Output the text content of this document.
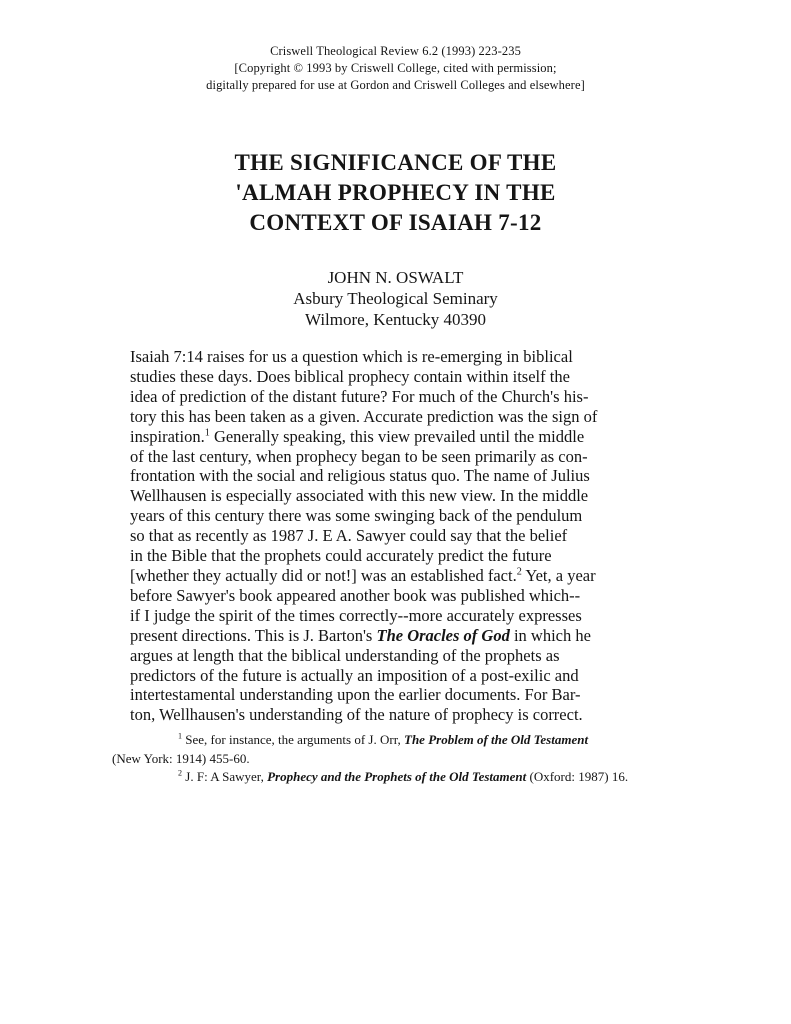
Criswell Theological Review 6.2 (1993) 223-235
[Copyright © 1993 by Criswell College, cited with permission;
digitally prepared for use at Gordon and Criswell Colleges and elsewhere]
THE SIGNIFICANCE OF THE
'ALMAH PROPHECY IN THE
CONTEXT OF ISAIAH 7-12
JOHN N. OSWALT
Asbury Theological Seminary
Wilmore, Kentucky 40390
Isaiah 7:14 raises for us a question which is re-emerging in biblical
studies these days. Does biblical prophecy contain within itself the
idea of prediction of the distant future? For much of the Church's his-
tory this has been taken as a given. Accurate prediction was the sign of
inspiration.$^1$ Generally speaking, this view prevailed until the middle
of the last century, when prophecy began to be seen primarily as con-
frontation with the social and religious status quo. The name of Julius
Wellhausen is especially associated with this new view. In the middle
years of this century there was some swinging back of the pendulum
so that as recently as 1987 J. E A. Sawyer could say that the belief
in the Bible that the prophets could accurately predict the future
[whether they actually did or not!] was an established fact.$^2$ Yet, a year
before Sawyer's book appeared another book was published which--
if I judge the spirit of the times correctly--more accurately expresses
present directions. This is J. Barton's The Oracles of God in which he
argues at length that the biblical understanding of the prophets as
predictors of the future is actually an imposition of a post-exilic and
intertestamental understanding upon the earlier documents. For Bar-
ton, Wellhausen's understanding of the nature of prophecy is correct.
$^1$ See, for instance, the arguments of J. Orr, The Problem of the Old Testament
(New York: 1914) 455-60.
$^2$ J. F: A Sawyer, Prophecy and the Prophets of the Old Testament (Oxford: 1987) 16.
